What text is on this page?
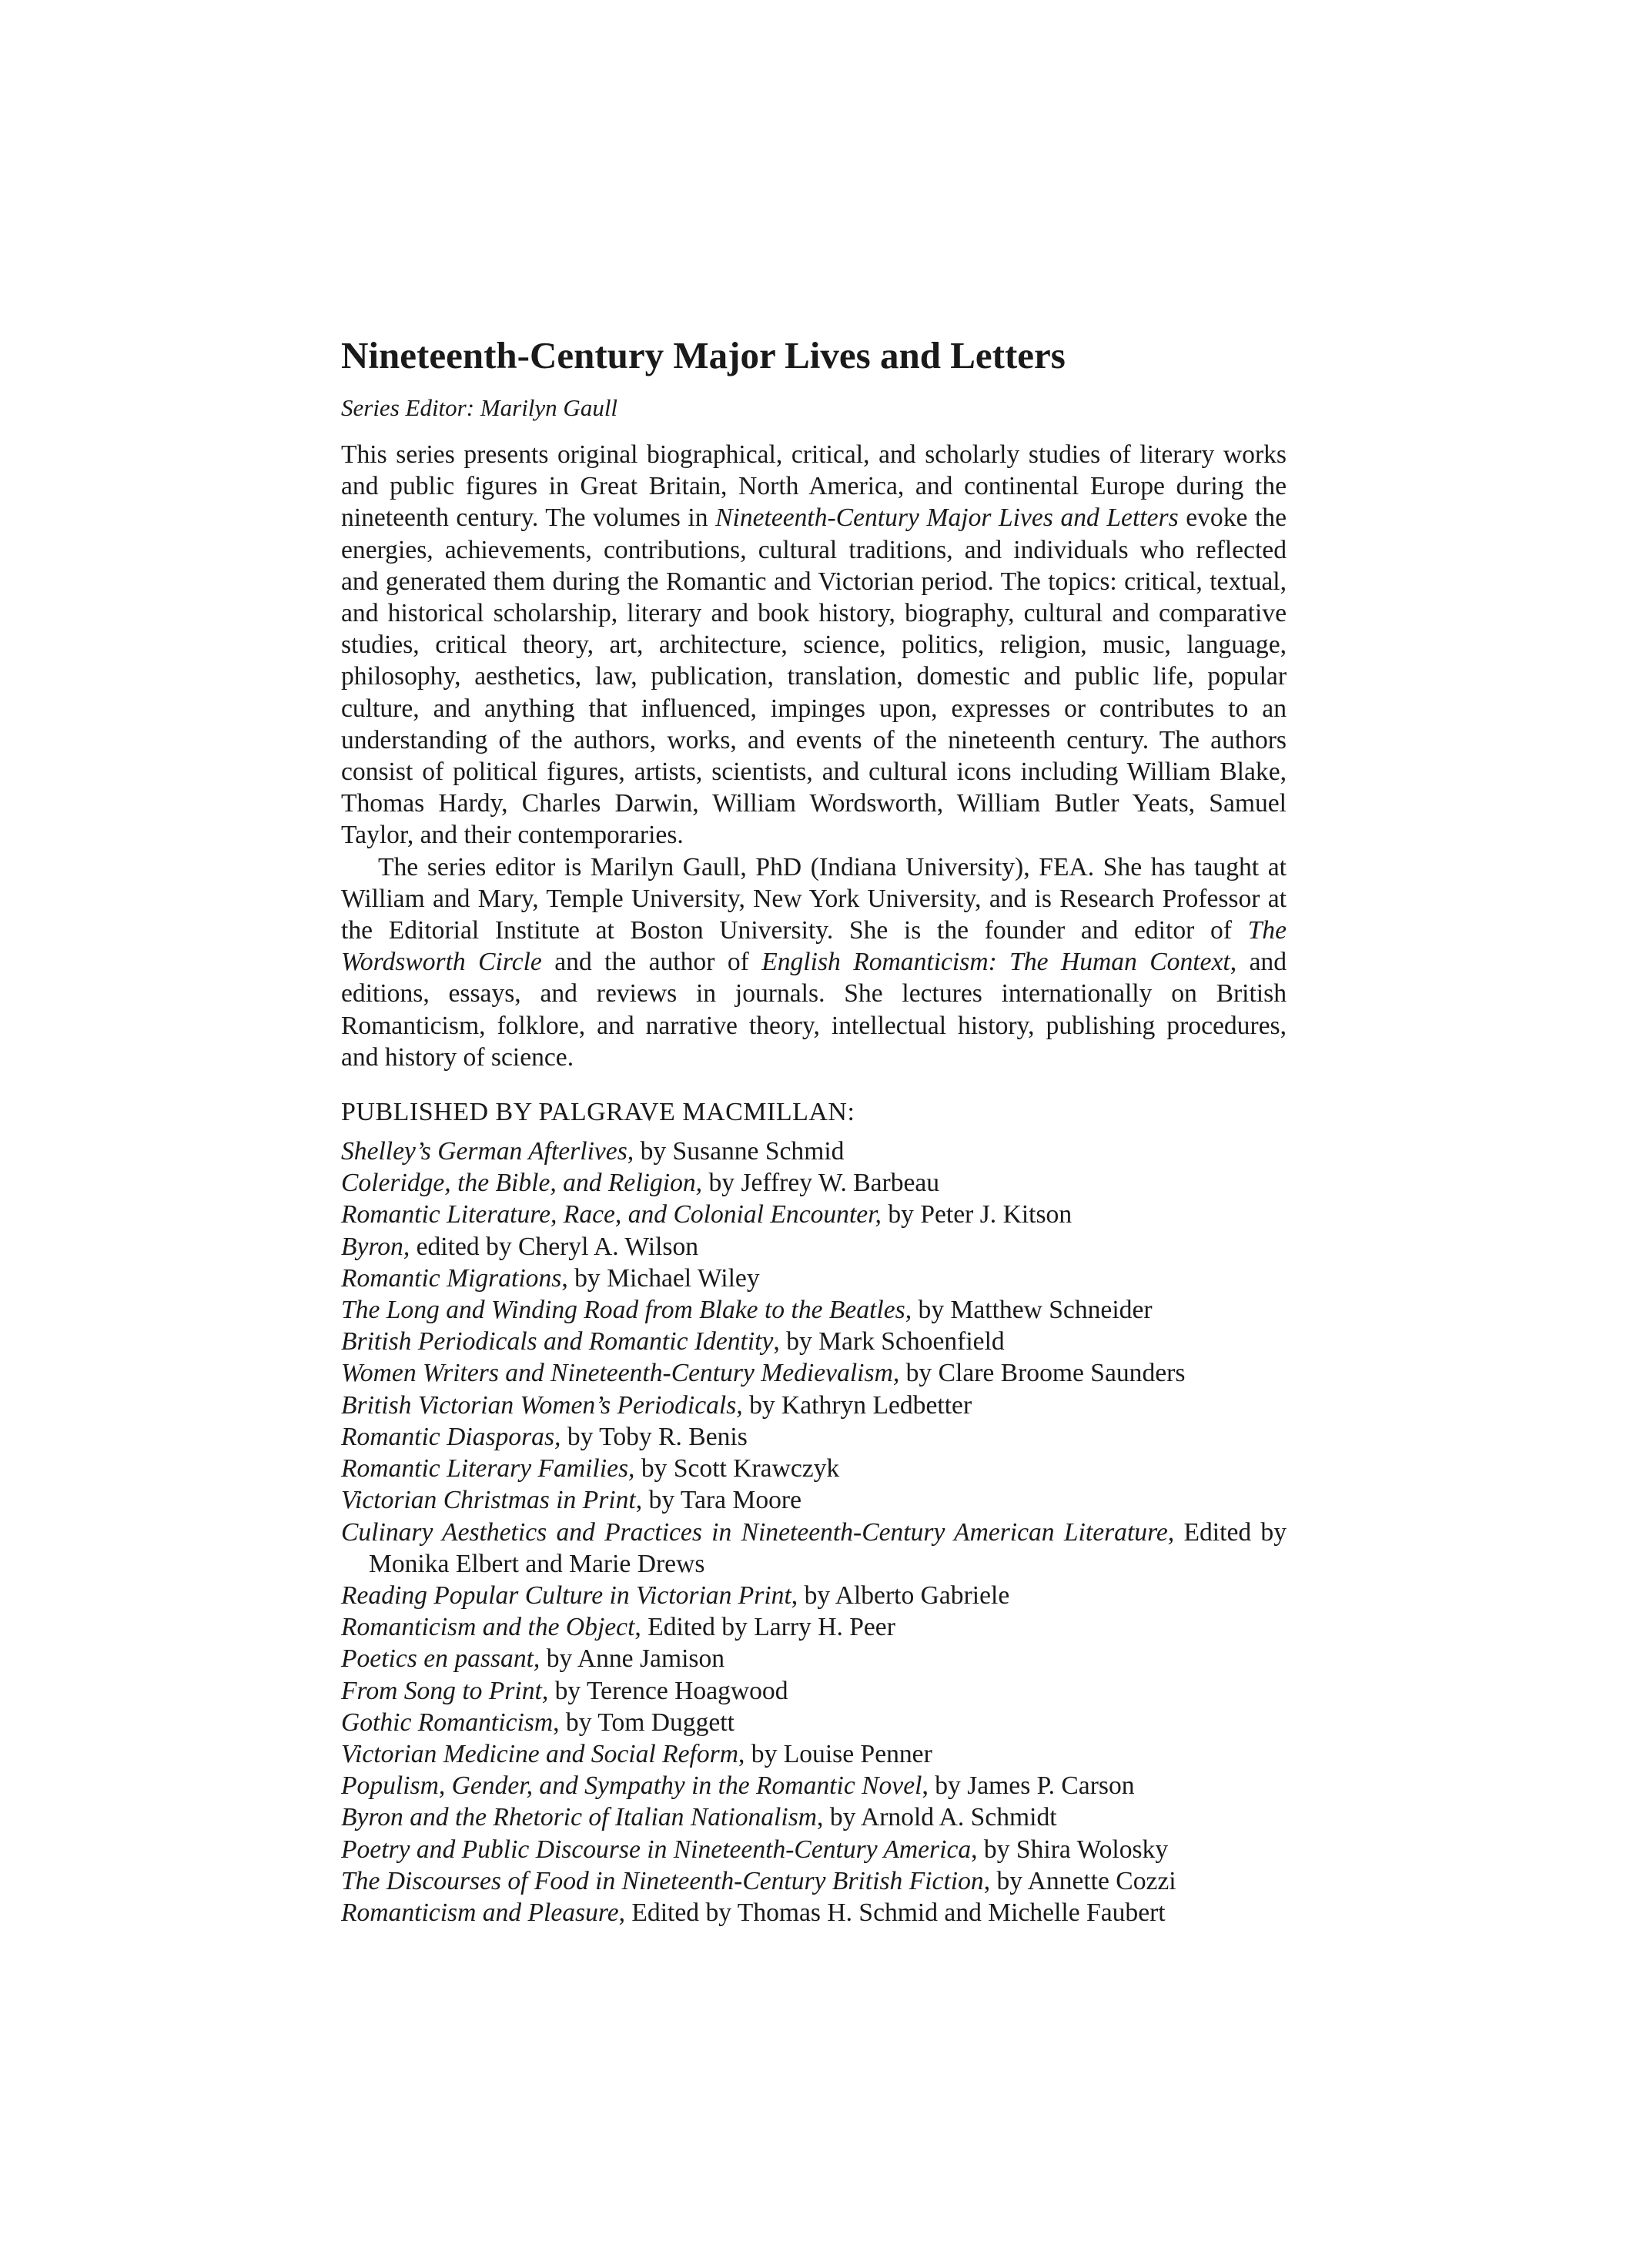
Nineteenth-Century Major Lives and Letters
Series Editor: Marilyn Gaull

This series presents original biographical, critical, and scholarly studies of literary works and public figures in Great Britain, North America, and continental Europe during the nineteenth century. The volumes in Nineteenth-Century Major Lives and Letters evoke the energies, achievements, contributions, cultural traditions, and individuals who reflected and generated them during the Romantic and Victorian period. The topics: critical, textual, and historical scholarship, literary and book history, biography, cultural and comparative studies, critical theory, art, architecture, science, politics, religion, music, language, philosophy, aesthetics, law, publication, translation, domestic and public life, popular culture, and anything that influenced, impinges upon, expresses or contributes to an understanding of the authors, works, and events of the nineteenth century. The authors consist of political figures, artists, scientists, and cultural icons including William Blake, Thomas Hardy, Charles Darwin, William Wordsworth, William Butler Yeats, Samuel Taylor, and their contemporaries.

The series editor is Marilyn Gaull, PhD (Indiana University), FEA. She has taught at William and Mary, Temple University, New York University, and is Research Professor at the Editorial Institute at Boston University. She is the founder and editor of The Wordsworth Circle and the author of English Romanticism: The Human Context, and editions, essays, and reviews in journals. She lectures internationally on British Romanticism, folklore, and narrative theory, intellectual history, publishing procedures, and history of science.

PUBLISHED BY PALGRAVE MACMILLAN:
Shelley’s German Afterlives, by Susanne Schmid
Coleridge, the Bible, and Religion, by Jeffrey W. Barbeau
Romantic Literature, Race, and Colonial Encounter, by Peter J. Kitson
Byron, edited by Cheryl A. Wilson
Romantic Migrations, by Michael Wiley
The Long and Winding Road from Blake to the Beatles, by Matthew Schneider
British Periodicals and Romantic Identity, by Mark Schoenfield
Women Writers and Nineteenth-Century Medievalism, by Clare Broome Saunders
British Victorian Women’s Periodicals, by Kathryn Ledbetter
Romantic Diasporas, by Toby R. Benis
Romantic Literary Families, by Scott Krawczyk
Victorian Christmas in Print, by Tara Moore
Culinary Aesthetics and Practices in Nineteenth-Century American Literature, Edited by Monika Elbert and Marie Drews
Reading Popular Culture in Victorian Print, by Alberto Gabriele
Romanticism and the Object, Edited by Larry H. Peer
Poetics en passant, by Anne Jamison
From Song to Print, by Terence Hoagwood
Gothic Romanticism, by Tom Duggett
Victorian Medicine and Social Reform, by Louise Penner
Populism, Gender, and Sympathy in the Romantic Novel, by James P. Carson
Byron and the Rhetoric of Italian Nationalism, by Arnold A. Schmidt
Poetry and Public Discourse in Nineteenth-Century America, by Shira Wolosky
The Discourses of Food in Nineteenth-Century British Fiction, by Annette Cozzi
Romanticism and Pleasure, Edited by Thomas H. Schmid and Michelle Faubert
